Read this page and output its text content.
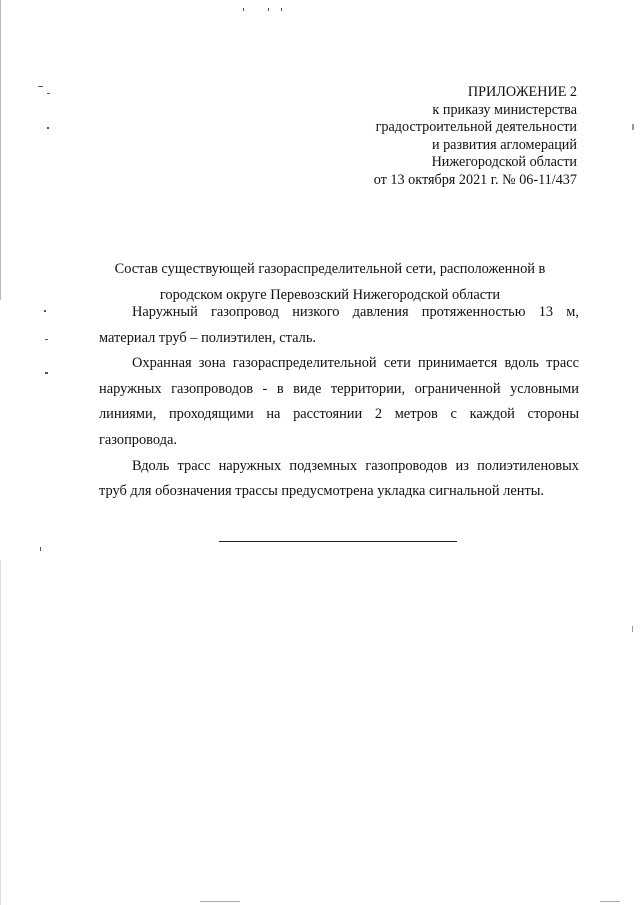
ПРИЛОЖЕНИЕ 2
к приказу министерства
градостроительной деятельности
и развития агломераций
Нижегородской области
от 13 октября 2021 г. № 06-11/437
Состав существующей газораспределительной сети, расположенной в
городском округе Перевозский Нижегородской области

Наружный газопровод низкого давления протяженностью 13 м, материал труб – полиэтилен, сталь.

Охранная зона газораспределительной сети принимается вдоль трасс наружных газопроводов - в виде территории, ограниченной условными линиями, проходящими на расстоянии 2 метров с каждой стороны газопровода.

Вдоль трасс наружных подземных газопроводов из полиэтиленовых труб для обозначения трассы предусмотрена укладка сигнальной ленты.
